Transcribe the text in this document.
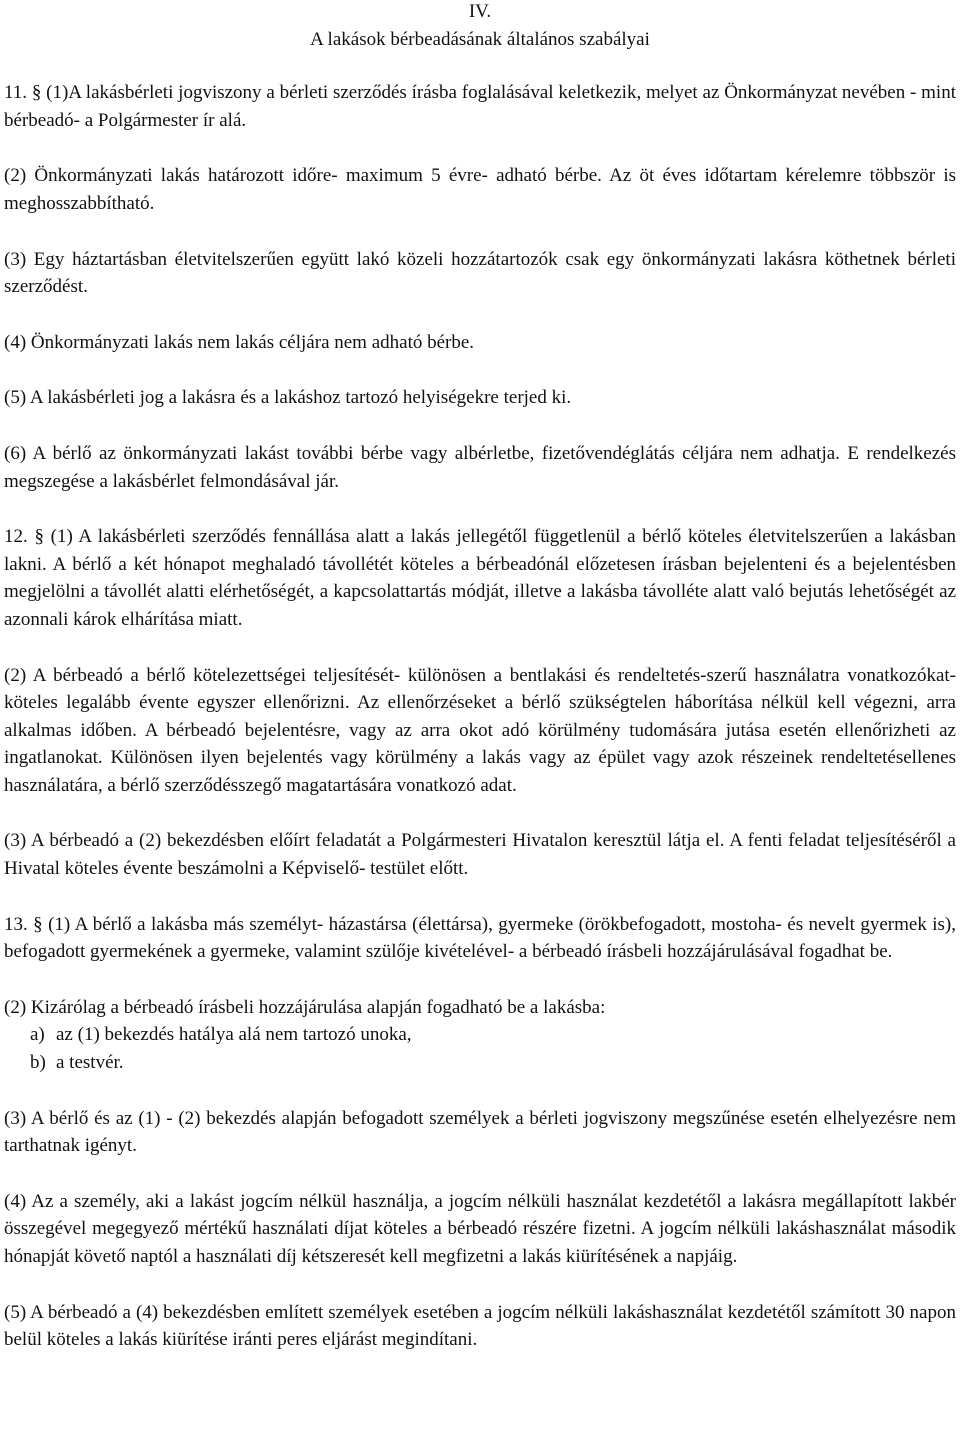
IV.

A lakások bérbeadásának általános szabályai

11. § (1)A lakásbérleti jogviszony a bérleti szerződés írásba foglalásával keletkezik, melyet az Önkormányzat nevében - mint bérbeadó- a Polgármester ír alá.

(2) Önkormányzati lakás határozott időre- maximum 5 évre- adható bérbe. Az öt éves időtartam kérelemre többször is meghosszabbítható.

(3) Egy háztartásban életvitelszerűen együtt lakó közeli hozzátartozók csak egy önkormányzati lakásra köthetnek bérleti szerződést.

(4) Önkormányzati lakás nem lakás céljára nem adható bérbe.

(5) A lakásbérleti jog a lakásra és a lakáshoz tartozó helyiségekre terjed ki.

(6) A bérlő az önkormányzati lakást további bérbe vagy albérletbe, fizetővendéglátás céljára nem adhatja. E rendelkezés megszegése a lakásbérlet felmondásával jár.

12. § (1) A lakásbérleti szerződés fennállása alatt a lakás jellegétől függetlenül a bérlő köteles életvitelszerűen a lakásban lakni. A bérlő a két hónapot meghaladó távollétét köteles a bérbeadónál előzetesen írásban bejelenteni és a bejelentésben megjelölni a távollét alatti elérhetőségét, a kapcsolattartás módját, illetve a lakásba távolléte alatt való bejutás lehetőségét az azonnali károk elhárítása miatt.

(2) A bérbeadó a bérlő kötelezettségei teljesítését- különösen a bentlakási és rendeltetés-szerű használatra vonatkozókat- köteles legalább évente egyszer ellenőrizni. Az ellenőrzéseket a bérlő szükségtelen háborítása nélkül kell végezni, arra alkalmas időben. A bérbeadó bejelentésre, vagy az arra okot adó körülmény tudomására jutása esetén ellenőrizheti az ingatlanokat. Különösen ilyen bejelentés vagy körülmény a lakás vagy az épület vagy azok részeinek rendeltetésellenes használatára, a bérlő szerződésszegő magatartására vonatkozó adat.

(3) A bérbeadó a (2) bekezdésben előírt feladatát a Polgármesteri Hivatalon keresztül látja el. A fenti feladat teljesítéséről a Hivatal köteles évente beszámolni a Képviselő- testület előtt.

13. § (1) A bérlő a lakásba más személyt- házastársa (élettársa), gyermeke (örökbefogadott, mostoha- és nevelt gyermek is), befogadott gyermekének a gyermeke, valamint szülője kivételével- a bérbeadó írásbeli hozzájárulásával fogadhat be.

(2) Kizárólag a bérbeadó írásbeli hozzájárulása alapján fogadható be a lakásba:

a) az (1) bekezdés hatálya alá nem tartozó unoka,

b) a testvér.

(3) A bérlő és az (1) - (2) bekezdés alapján befogadott személyek a bérleti jogviszony megszűnése esetén elhelyezésre nem tarthatnak igényt.

(4) Az a személy, aki a lakást jogcím nélkül használja, a jogcím nélküli használat kezdetétől a lakásra megállapított lakbér összegével megegyező mértékű használati díjat köteles a bérbeadó részére fizetni. A jogcím nélküli lakáshasználat második hónapját követő naptól a használati díj kétszeresét kell megfizetni a lakás kiürítésének a napjáig.

(5) A bérbeadó a (4) bekezdésben említett személyek esetében a jogcím nélküli lakáshasználat kezdetétől számított 30 napon belül köteles a lakás kiürítése iránti peres eljárást megindítani.
